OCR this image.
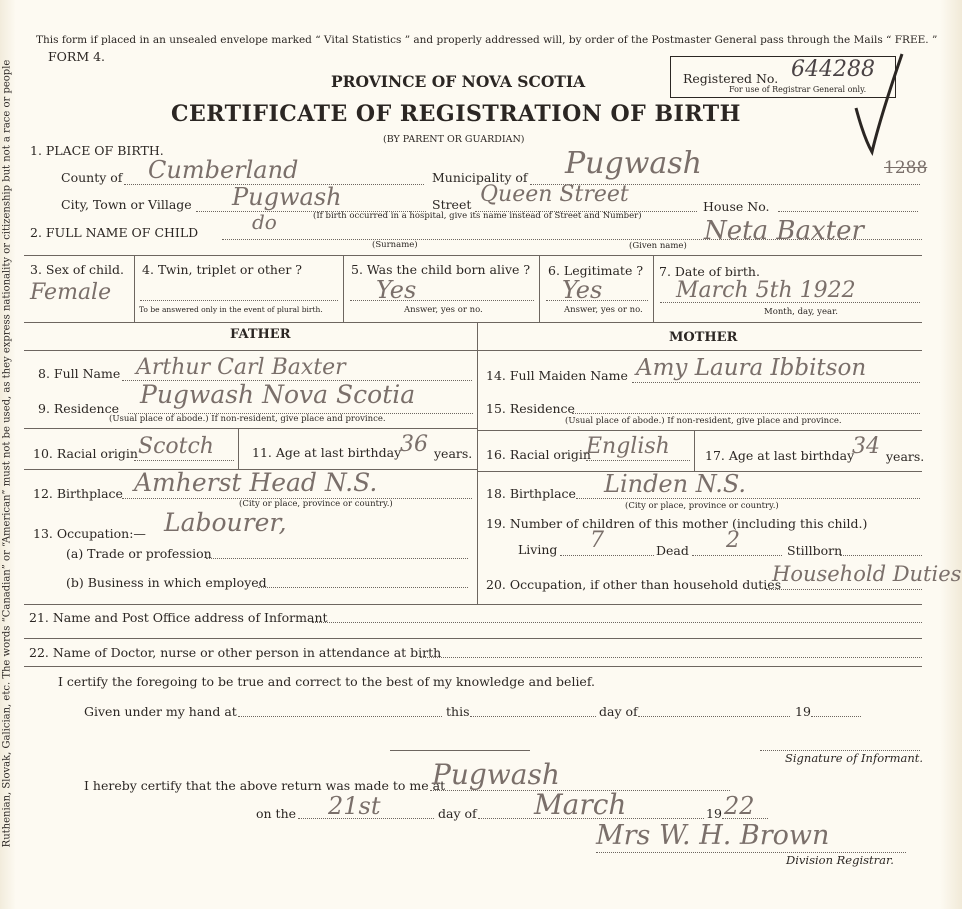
Ruthenian, Slovak, Galician, etc. The words “Canadian” or “American” must not be used, as they express nationality or citizenship but not a race or people
This form if placed in an unsealed envelope marked “ Vital Statistics ” and properly addressed will, by order of the Postmaster General pass through the Mails “ FREE. ”
FORM 4.
PROVINCE OF NOVA SCOTIA
CERTIFICATE OF REGISTRATION OF BIRTH
(BY PARENT OR GUARDIAN)
Registered No. 644288
For use of Registrar General only.
1288
1. PLACE OF BIRTH.
County of Cumberland	Municipality of Pugwash
City, Town or Village Pugwash	Street Queen Street	House No.
(If birth occurred in a hospital, give its name instead of Street and Number)
2. FULL NAME OF CHILD	do
(Surname)	(Given name) Neta Baxter
3. Sex of child.
Female
4. Twin, triplet or other ?
To be answered only in the event of plural birth.
5. Was the child born alive ?
Yes
Answer, yes or no.
6. Legitimate ?
Yes
Answer, yes or no.
7. Date of birth.
March 5th 1922
Month, day, year.
FATHER	MOTHER
8. Full Name Arthur Carl Baxter
9. Residence Pugwash Nova Scotia
(Usual place of abode.) If non-resident, give place and province.
10. Racial origin Scotch	11. Age at last birthday
36 years.
12. Birthplace Amherst Head N.S.
(City or place, province or country.)
13. Occupation:— Labourer,
(a) Trade or profession
(b) Business in which employed
14. Full Maiden Name Amy Laura Ibbitson
15. Residence
(Usual place of abode.) If non-resident, give place and province.
16. Racial origin
English	17. Age at last birthday
34 years.
18. Birthplace Linden N.S.
(City or place, province or country.)
19. Number of children of this mother (including this child.)
Living 7	Dead 2	Stillborn
20. Occupation, if other than household duties
Household Duties
21. Name and Post Office address of Informant
22. Name of Doctor, nurse or other person in attendance at birth
I certify the foregoing to be true and correct to the best of my knowledge and belief.
Given under my hand at	this	day of	19
Signature of Informant.
I hereby certify that the above return was made to me at
Pugwash
on the 21st	day of March	19 22
Mrs W. H. Brown
Division Registrar.
